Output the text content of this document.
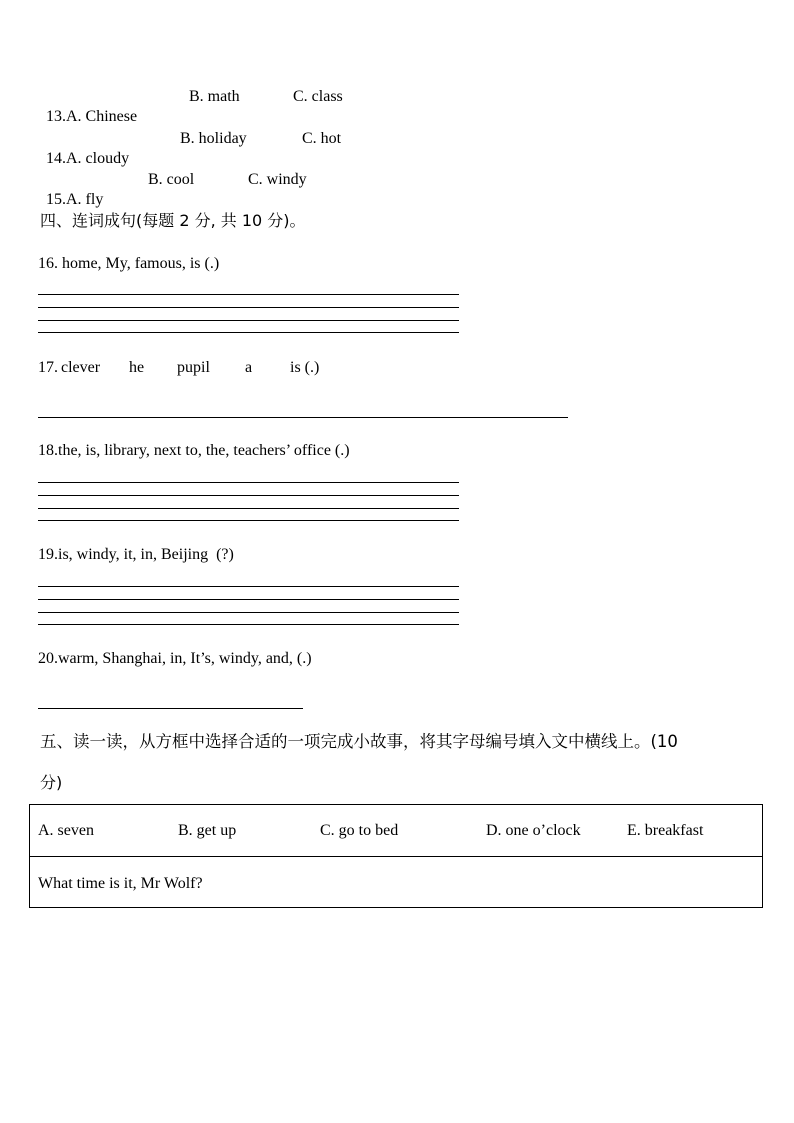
13.A. Chinese

B. math	C. class

14.A. cloudy

B. holiday	C. hot

15.A. fly

B. cool	C. windy
四、连词成句(每题 2 分, 共 10 分)。
16. home, My, famous, is (.)
17. clever he pupil a is (.)
18.the, is, library, next to, the, teachers’ office (.)
19.is, windy, it, in, Beijing  (?)
20.warm, Shanghai, in, It’s, windy, and, (.)
五、读一读，从方框中选择合适的一项完成小故事，将其字母编号填入文中横线上。(10
分)
A. seven	B. get up	C. go to bed	D. one o’clock	E. breakfast
What time is it, Mr Wolf?
